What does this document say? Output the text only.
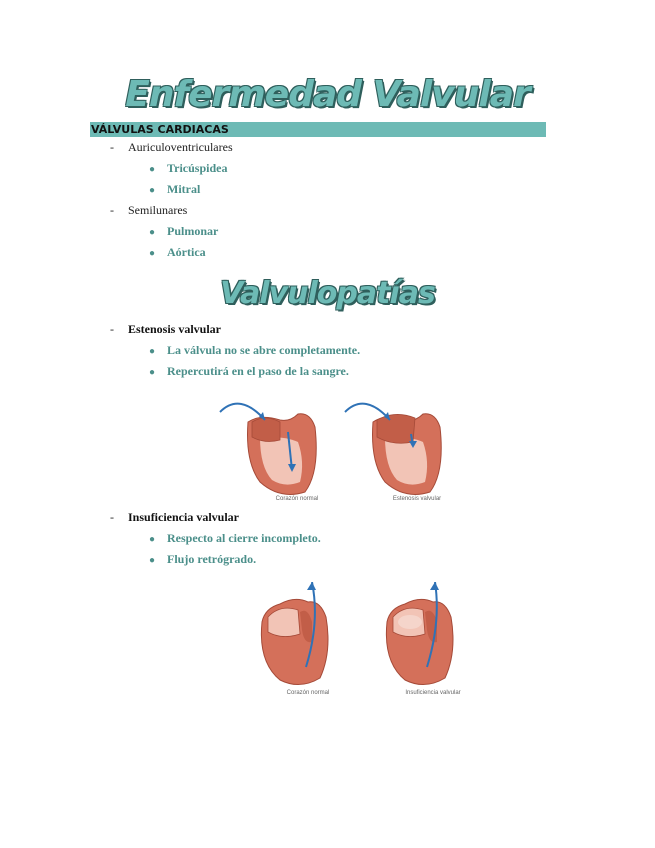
Enfermedad Valvular
VÁLVULAS CARDIACAS
- Auriculoventriculares
● Tricúspidea
● Mitral
- Semilunares
● Pulmonar
● Aórtica
Valvulopatías
- Estenosis valvular
● La válvula no se abre completamente.
● Repercutirá en el paso de la sangre.
Corazón normal	Estenosis valvular
- Insuficiencia valvular
● Respecto al cierre incompleto.
● Flujo retrógrado.
Corazón normal	Insuficiencia valvular
